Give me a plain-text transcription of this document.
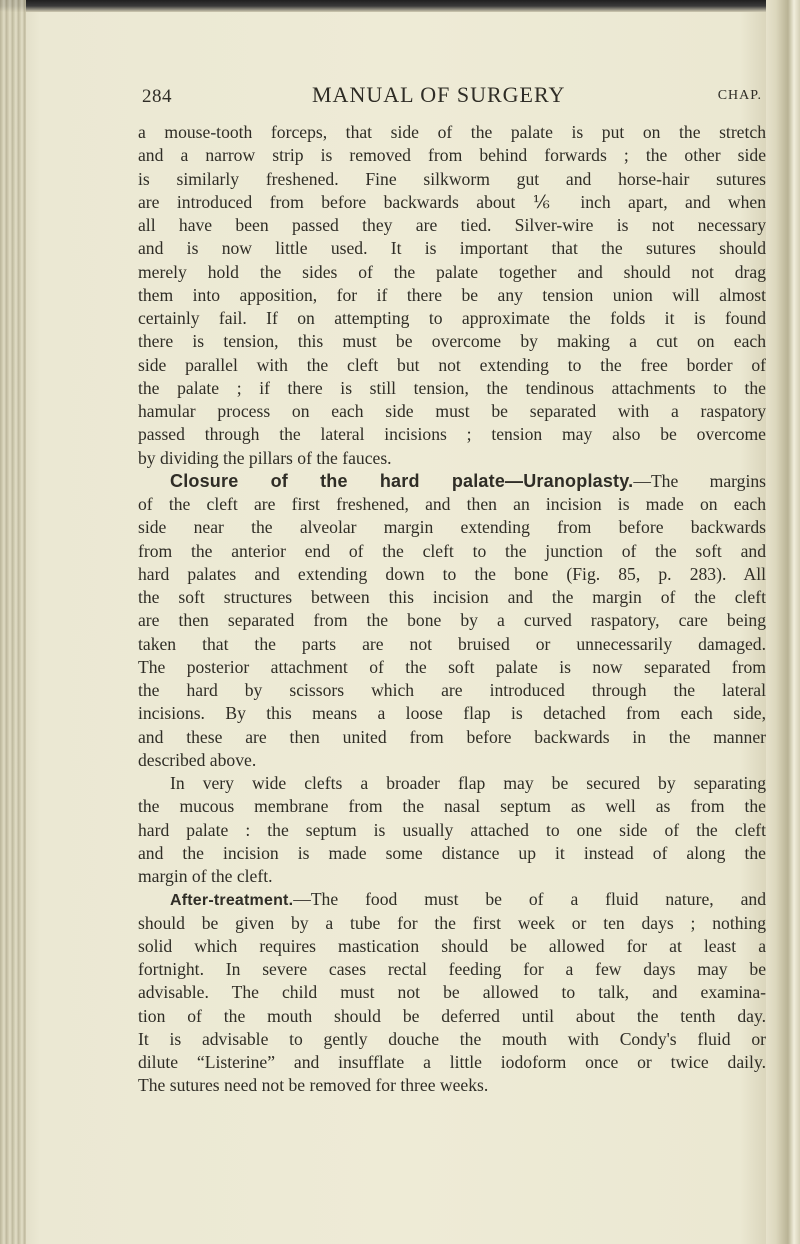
284	MANUAL OF SURGERY	CHAP.
a mouse-tooth forceps, that side of the palate is put on the stretch
and a narrow strip is removed from behind forwards ; the other side
is similarly freshened. Fine silkworm gut and horse-hair sutures
are introduced from before backwards about ⅙ inch apart, and when
all have been passed they are tied. Silver-wire is not necessary
and is now little used. It is important that the sutures should
merely hold the sides of the palate together and should not drag
them into apposition, for if there be any tension union will almost
certainly fail. If on attempting to approximate the folds it is found
there is tension, this must be overcome by making a cut on each
side parallel with the cleft but not extending to the free border of
the palate ; if there is still tension, the tendinous attachments to the
hamular process on each side must be separated with a raspatory
passed through the lateral incisions ; tension may also be overcome
by dividing the pillars of the fauces.
Closure of the hard palate—Uranoplasty.—The margins
of the cleft are first freshened, and then an incision is made on each
side near the alveolar margin extending from before backwards
from the anterior end of the cleft to the junction of the soft and
hard palates and extending down to the bone (Fig. 85, p. 283). All
the soft structures between this incision and the margin of the cleft
are then separated from the bone by a curved raspatory, care being
taken that the parts are not bruised or unnecessarily damaged.
The posterior attachment of the soft palate is now separated from
the hard by scissors which are introduced through the lateral
incisions. By this means a loose flap is detached from each side,
and these are then united from before backwards in the manner
described above.
In very wide clefts a broader flap may be secured by separating
the mucous membrane from the nasal septum as well as from the
hard palate : the septum is usually attached to one side of the cleft
and the incision is made some distance up it instead of along the
margin of the cleft.
After-treatment.—The food must be of a fluid nature, and
should be given by a tube for the first week or ten days ; nothing
solid which requires mastication should be allowed for at least a
fortnight. In severe cases rectal feeding for a few days may be
advisable. The child must not be allowed to talk, and examina-
tion of the mouth should be deferred until about the tenth day.
It is advisable to gently douche the mouth with Condy's fluid or
dilute “Listerine” and insufflate a little iodoform once or twice daily.
The sutures need not be removed for three weeks.
